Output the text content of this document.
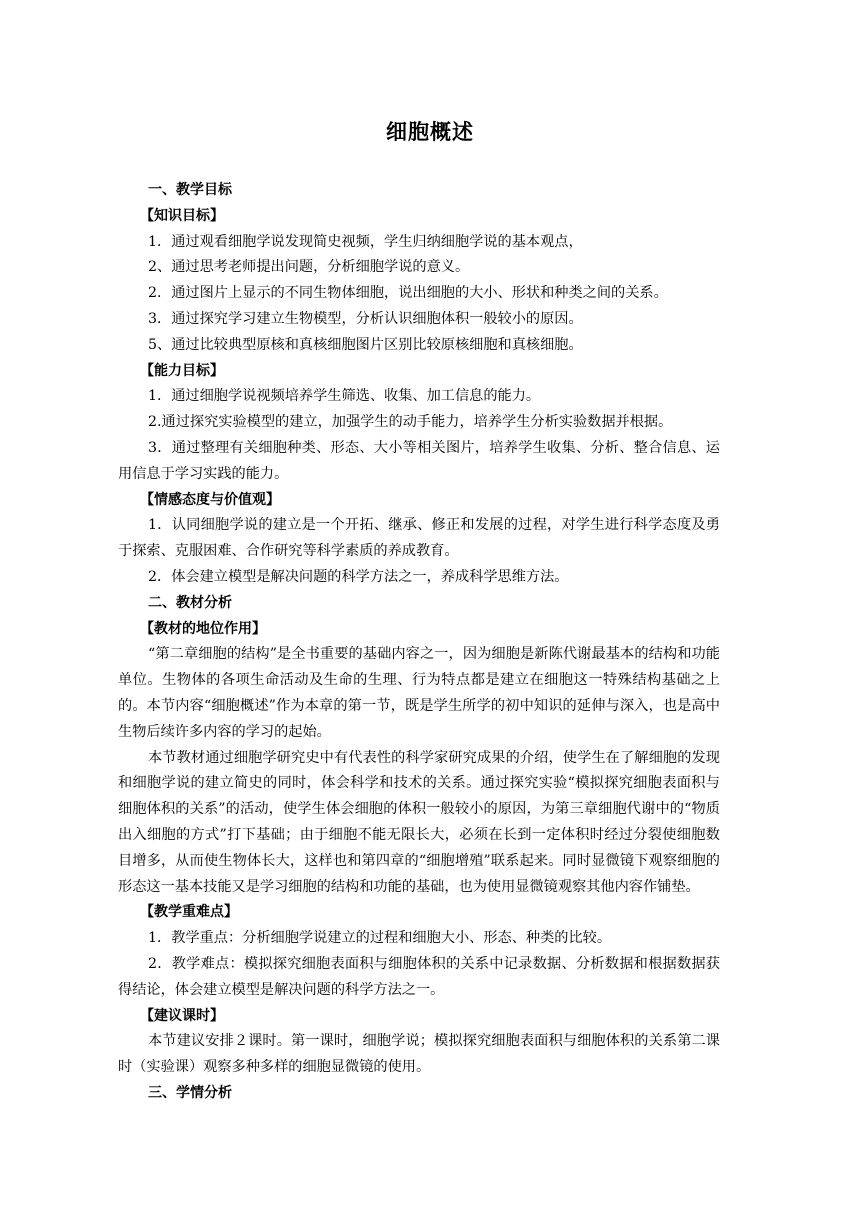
细胞概述

一、教学目标

【知识目标】

1．通过观看细胞学说发现简史视频，学生归纳细胞学说的基本观点，

2、通过思考老师提出问题，分析细胞学说的意义。

2．通过图片上显示的不同生物体细胞，说出细胞的大小、形状和种类之间的关系。

3．通过探究学习建立生物模型，分析认识细胞体积一般较小的原因。

5、通过比较典型原核和真核细胞图片区别比较原核细胞和真核细胞。

【能力目标】

1．通过细胞学说视频培养学生筛选、收集、加工信息的能力。

2.通过探究实验模型的建立，加强学生的动手能力，培养学生分析实验数据并根据。

3．通过整理有关细胞种类、形态、大小等相关图片，培养学生收集、分析、整合信息、运用信息于学习实践的能力。

【情感态度与价值观】

1．认同细胞学说的建立是一个开拓、继承、修正和发展的过程，对学生进行科学态度及勇于探索、克服困难、合作研究等科学素质的养成教育。

2．体会建立模型是解决问题的科学方法之一，养成科学思维方法。

二、教材分析

【教材的地位作用】

“第二章细胞的结构”是全书重要的基础内容之一，因为细胞是新陈代谢最基本的结构和功能单位。生物体的各项生命活动及生命的生理、行为特点都是建立在细胞这一特殊结构基础之上的。本节内容“细胞概述”作为本章的第一节，既是学生所学的初中知识的延伸与深入，也是高中生物后续许多内容的学习的起始。

本节教材通过细胞学研究史中有代表性的科学家研究成果的介绍，使学生在了解细胞的发现和细胞学说的建立简史的同时，体会科学和技术的关系。通过探究实验“模拟探究细胞表面积与细胞体积的关系”的活动，使学生体会细胞的体积一般较小的原因，为第三章细胞代谢中的“物质出入细胞的方式”打下基础；由于细胞不能无限长大，必须在长到一定体积时经过分裂使细胞数目增多，从而使生物体长大，这样也和第四章的“细胞增殖”联系起来。同时显微镜下观察细胞的形态这一基本技能又是学习细胞的结构和功能的基础，也为使用显微镜观察其他内容作铺垫。

【教学重难点】

1．教学重点：分析细胞学说建立的过程和细胞大小、形态、种类的比较。

2．教学难点：模拟探究细胞表面积与细胞体积的关系中记录数据、分析数据和根据数据获得结论，体会建立模型是解决问题的科学方法之一。

【建议课时】

本节建议安排２课时。第一课时，细胞学说；模拟探究细胞表面积与细胞体积的关系第二课时（实验课）观察多种多样的细胞显微镜的使用。

三、学情分析
